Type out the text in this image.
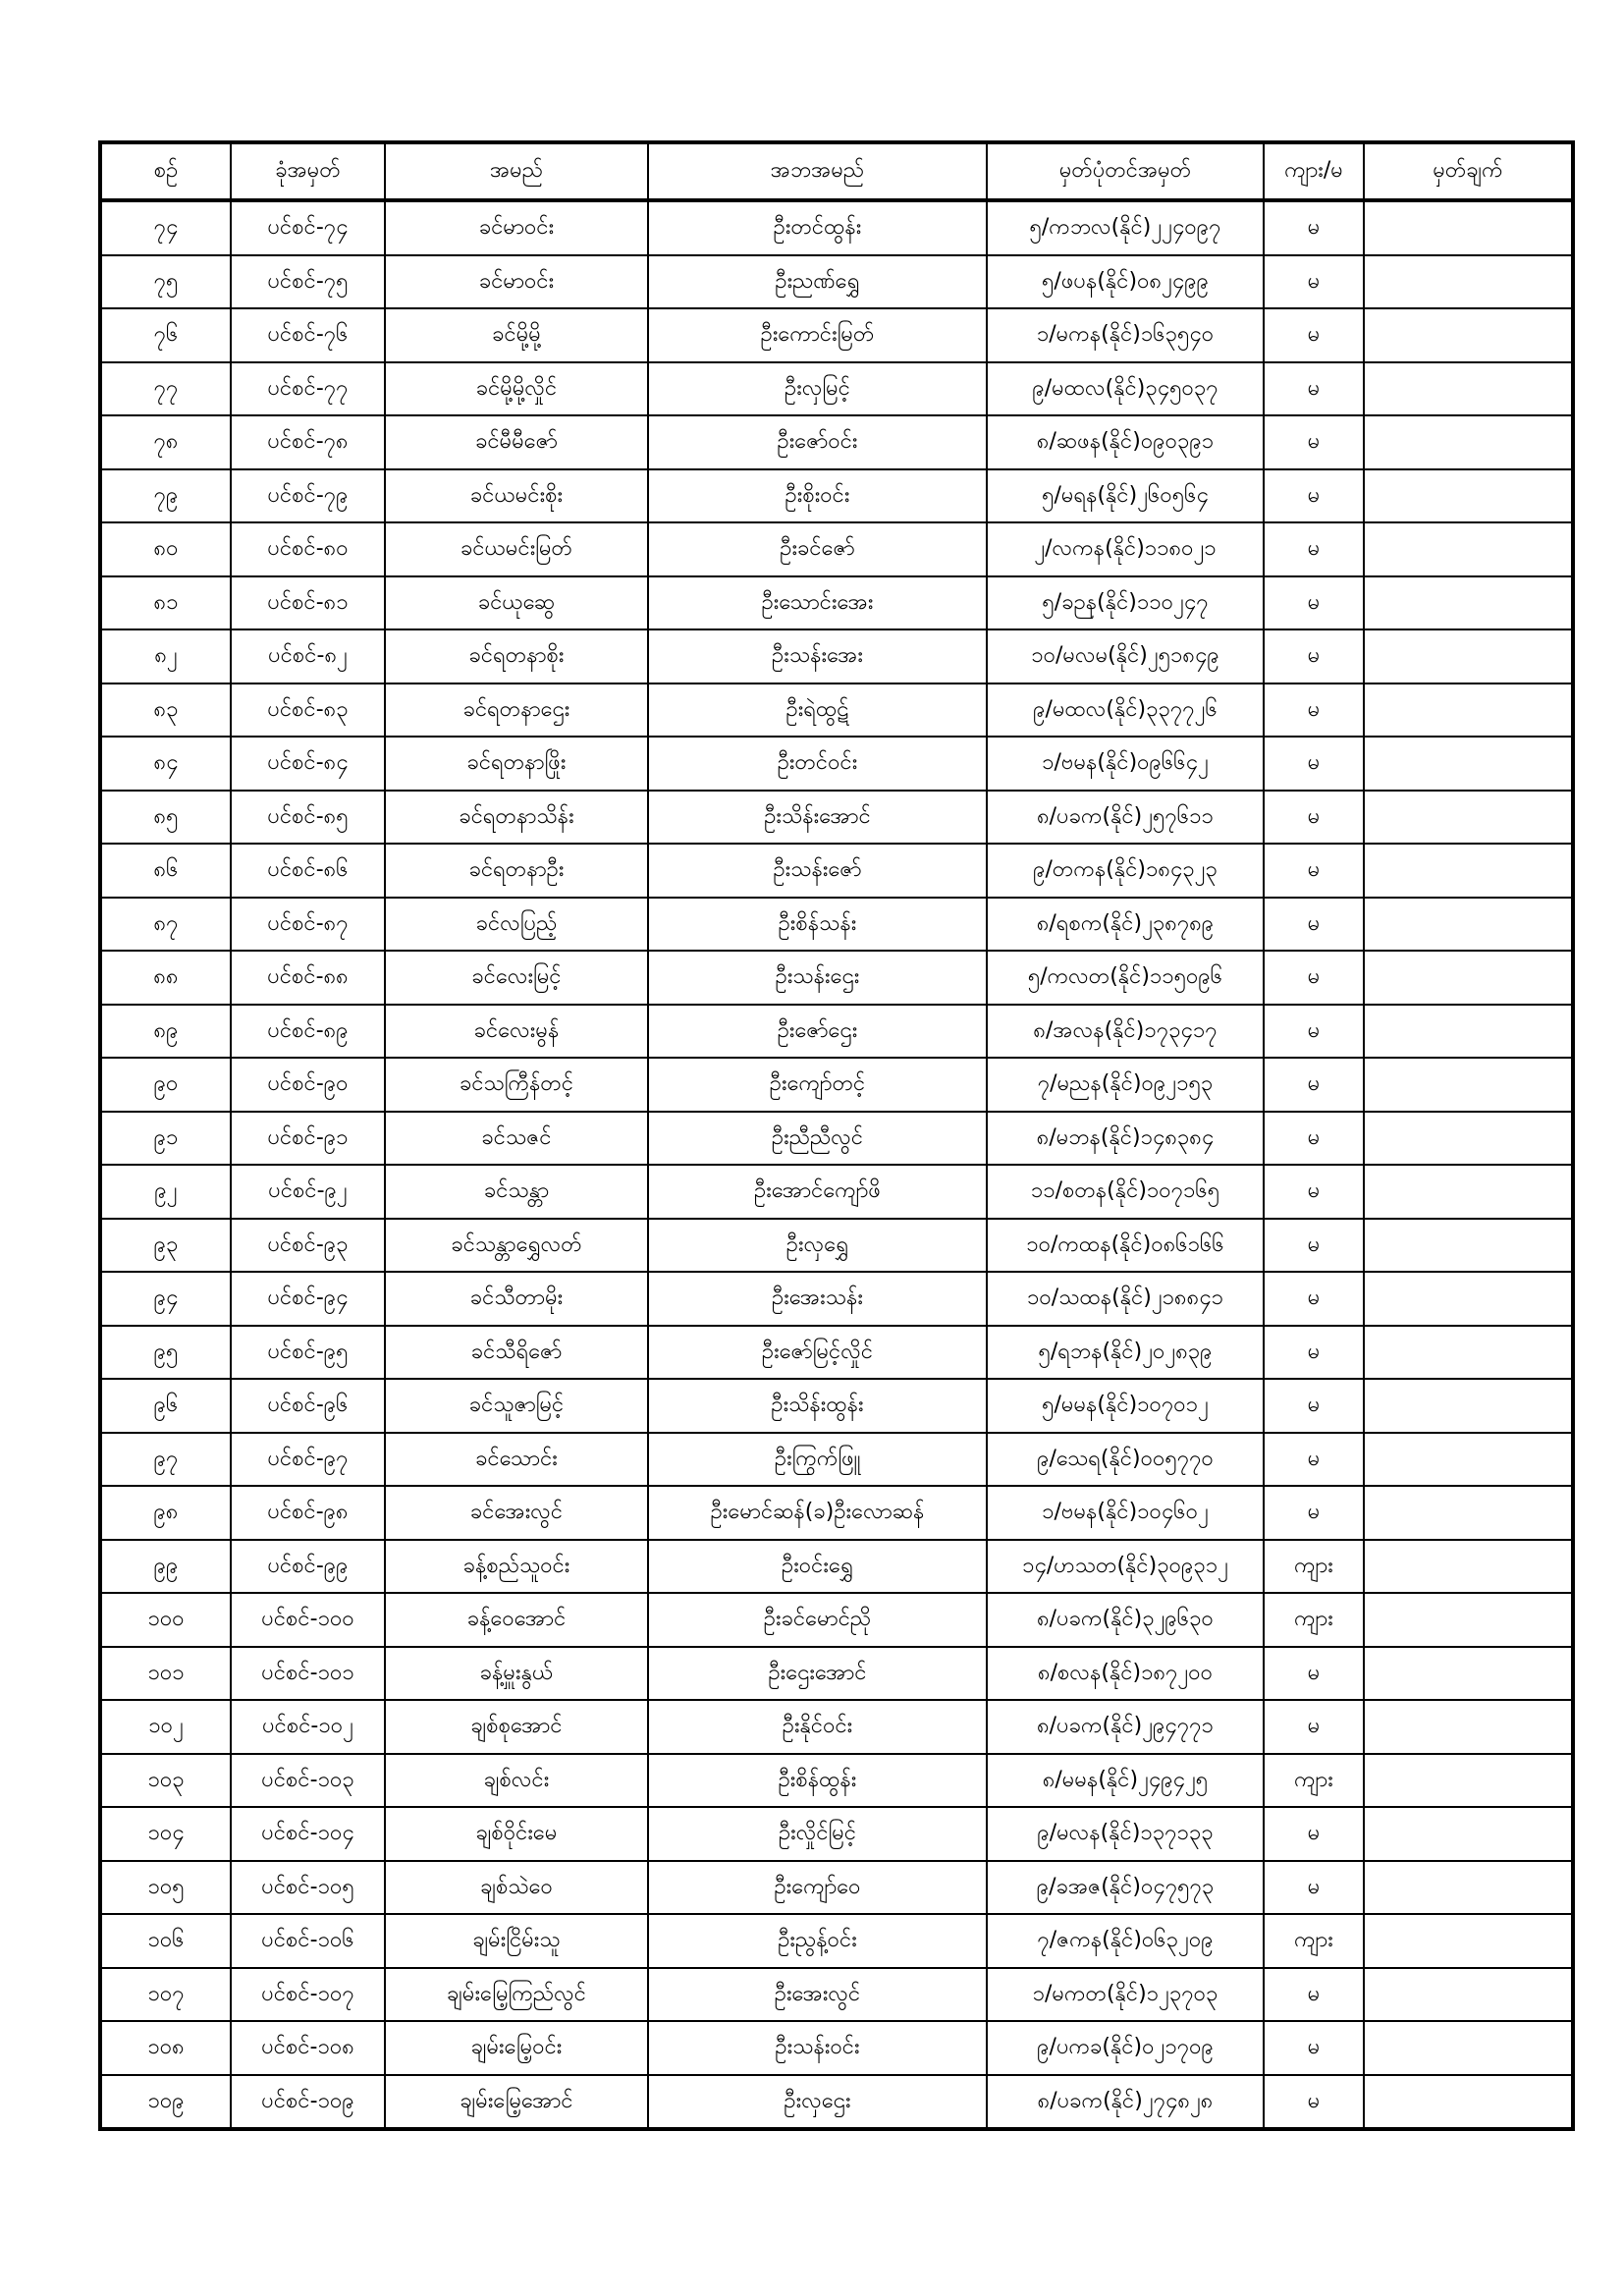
စဉ်	ခုံအမှတ်	အမည်	အဘအမည်	မှတ်ပုံတင်အမှတ်	ကျား/မ	မှတ်ချက်
၇၄	ပင်စင်-၇၄	ခင်မာဝင်း	ဦးတင်ထွန်း	၅/ကဘလ(နိုင်)၂၂၄၀၉၇	မ	
၇၅	ပင်စင်-၇၅	ခင်မာဝင်း	ဦးညဏ်ရွှေ	၅/ဖပန(နိုင်)၀၈၂၄၉၉	မ	
၇၆	ပင်စင်-၇၆	ခင်မို့မို့	ဦးကောင်းမြတ်	၁/မကန(နိုင်)၁၆၃၅၄၀	မ	
၇၇	ပင်စင်-၇၇	ခင်မို့မို့လှိုင်	ဦးလှမြင့်	၉/မထလ(နိုင်)၃၄၅၀၃၇	မ	
၇၈	ပင်စင်-၇၈	ခင်မီမီဇော်	ဦးဇော်ဝင်း	၈/ဆဖန(နိုင်)၀၉၀၃၉၁	မ	
၇၉	ပင်စင်-၇၉	ခင်ယမင်းစိုး	ဦးစိုးဝင်း	၅/မရန(နိုင်)၂၆၀၅၆၄	မ	
၈၀	ပင်စင်-၈၀	ခင်ယမင်းမြတ်	ဦးခင်ဇော်	၂/လကန(နိုင်)၁၁၈၀၂၁	မ	
၈၁	ပင်စင်-၈၁	ခင်ယုဆွေ	ဦးသောင်းအေး	၅/ခဉန(နိုင်)၁၁၀၂၄၇	မ	
၈၂	ပင်စင်-၈၂	ခင်ရတနာစိုး	ဦးသန်းအေး	၁၀/မလမ(နိုင်)၂၅၁၈၄၉	မ	
၈၃	ပင်စင်-၈၃	ခင်ရတနာဌေး	ဦးရဲထွဋ်	၉/မထလ(နိုင်)၃၃၇၇၂၆	မ	
၈၄	ပင်စင်-၈၄	ခင်ရတနာဖြိုး	ဦးတင်ဝင်း	၁/ဗမန(နိုင်)၀၉၆၆၄၂	မ	
၈၅	ပင်စင်-၈၅	ခင်ရတနာသိန်း	ဦးသိန်းအောင်	၈/ပခက(နိုင်)၂၅၇၆၁၁	မ	
၈၆	ပင်စင်-၈၆	ခင်ရတနာဦး	ဦးသန်းဇော်	၉/တကန(နိုင်)၁၈၄၃၂၃	မ	
၈၇	ပင်စင်-၈၇	ခင်လပြည့်	ဦးစိန်သန်း	၈/ရစက(နိုင်)၂၃၈၇၈၉	မ	
၈၈	ပင်စင်-၈၈	ခင်လေးမြင့်	ဦးသန်းဌေး	၅/ကလတ(နိုင်)၁၁၅၀၉၆	မ	
၈၉	ပင်စင်-၈၉	ခင်လေးမွန်	ဦးဇော်ဌေး	၈/အလန(နိုင်)၁၇၃၄၁၇	မ	
၉၀	ပင်စင်-၉၀	ခင်သကြီန်တင့်	ဦးကျော်တင့်	၇/မညန(နိုင်)၀၉၂၁၅၃	မ	
၉၁	ပင်စင်-၉၁	ခင်သဇင်	ဦးညီညီလွင်	၈/မဘန(နိုင်)၁၄၈၃၈၄	မ	
၉၂	ပင်စင်-၉၂	ခင်သန္တာ	ဦးအောင်ကျော်ဖိ	၁၁/စတန(နိုင်)၁၀၇၁၆၅	မ	
၉၃	ပင်စင်-၉၃	ခင်သန္တာရွှေလတ်	ဦးလှရွှေ	၁၀/ကထန(နိုင်)၀၈၆၁၆၆	မ	
၉၄	ပင်စင်-၉၄	ခင်သီတာမိုး	ဦးအေးသန်း	၁၀/သထန(နိုင်)၂၁၈၈၄၁	မ	
၉၅	ပင်စင်-၉၅	ခင်သီရိဇော်	ဦးဇော်မြင့်လှိုင်	၅/ရဘန(နိုင်)၂၀၂၈၃၉	မ	
၉၆	ပင်စင်-၉၆	ခင်သူဇာမြင့်	ဦးသိန်းထွန်း	၅/မမန(နိုင်)၁၀၇၀၁၂	မ	
၉၇	ပင်စင်-၉၇	ခင်သောင်း	ဦးကြွက်ဖြူ	၉/သေရ(နိုင်)၀၀၅၇၇၀	မ	
၉၈	ပင်စင်-၉၈	ခင်အေးလွင်	ဦးမောင်ဆန်(ခ)ဦးလောဆန်	၁/ဗမန(နိုင်)၁၀၄၆၀၂	မ	
၉၉	ပင်စင်-၉၉	ခန့်စည်သူဝင်း	ဦးဝင်းရွှေ	၁၄/ဟသတ(နိုင်)၃၀၉၃၁၂	ကျား	
၁၀၀	ပင်စင်-၁၀၀	ခန့်ဝေအောင်	ဦးခင်မောင်ညို	၈/ပခက(နိုင်)၃၂၉၆၃၀	ကျား	
၁၀၁	ပင်စင်-၁၀၁	ခန့်မှူးနွယ်	ဦးဌေးအောင်	၈/စလန(နိုင်)၁၈၇၂၀၀	မ	
၁၀၂	ပင်စင်-၁၀၂	ချစ်စုအောင်	ဦးနိုင်ဝင်း	၈/ပခက(နိုင်)၂၉၄၇၇၁	မ	
၁၀၃	ပင်စင်-၁၀၃	ချစ်လင်း	ဦးစိန်ထွန်း	၈/မမန(နိုင်)၂၄၉၄၂၅	ကျား	
၁၀၄	ပင်စင်-၁၀၄	ချစ်ဝိုင်းမေ	ဦးလှိုင်မြင့်	၉/မလန(နိုင်)၁၃၇၁၃၃	မ	
၁၀၅	ပင်စင်-၁၀၅	ချစ်သဲဝေ	ဦးကျော်ဝေ	၉/ခအဇ(နိုင်)၀၄၇၅၇၃	မ	
၁၀၆	ပင်စင်-၁၀၆	ချမ်းငြိမ်းသူ	ဦးညွန့်ဝင်း	၇/ဇကန(နိုင်)၀၆၃၂၀၉	ကျား	
၁၀၇	ပင်စင်-၁၀၇	ချမ်းမြေ့ကြည်လွင်	ဦးအေးလွင်	၁/မကတ(နိုင်)၁၂၃၇၀၃	မ	
၁၀၈	ပင်စင်-၁၀၈	ချမ်းမြေ့ဝင်း	ဦးသန်းဝင်း	၉/ပကခ(နိုင်)၀၂၁၇၀၉	မ	
၁၀၉	ပင်စင်-၁၀၉	ချမ်းမြေ့အောင်	ဦးလှဌေး	၈/ပခက(နိုင်)၂၇၄၈၂၈	မ	
